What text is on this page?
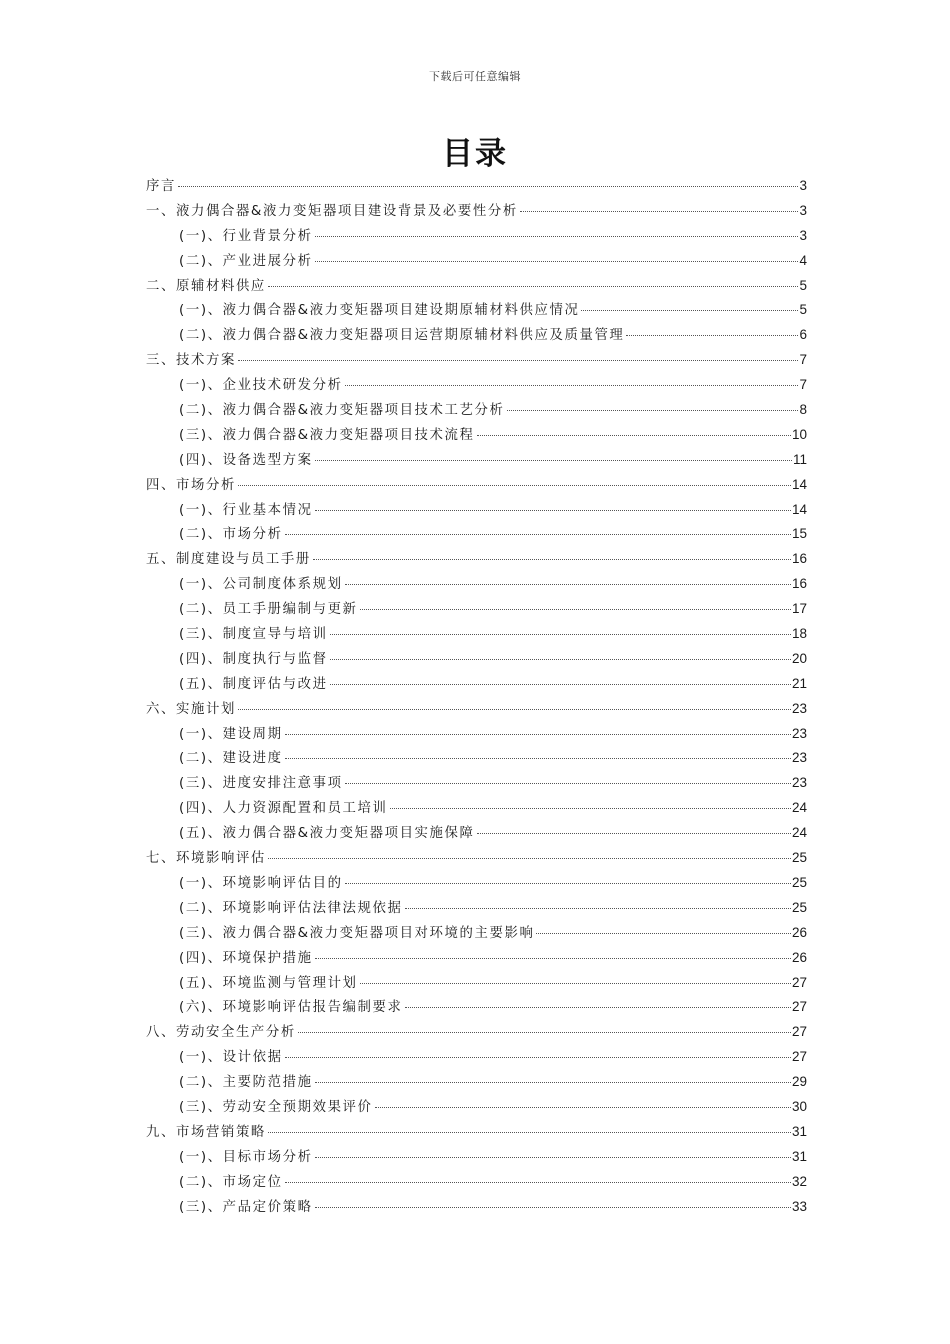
下载后可任意编辑
目录
序言	3
一、液力偶合器&液力变矩器项目建设背景及必要性分析	3
(一)、行业背景分析	3
(二)、产业进展分析	4
二、原辅材料供应	5
(一)、液力偶合器&液力变矩器项目建设期原辅材料供应情况	5
(二)、液力偶合器&液力变矩器项目运营期原辅材料供应及质量管理	6
三、技术方案	7
(一)、企业技术研发分析	7
(二)、液力偶合器&液力变矩器项目技术工艺分析	8
(三)、液力偶合器&液力变矩器项目技术流程	10
(四)、设备选型方案	11
四、市场分析	14
(一)、行业基本情况	14
(二)、市场分析	15
五、制度建设与员工手册	16
(一)、公司制度体系规划	16
(二)、员工手册编制与更新	17
(三)、制度宣导与培训	18
(四)、制度执行与监督	20
(五)、制度评估与改进	21
六、实施计划	23
(一)、建设周期	23
(二)、建设进度	23
(三)、进度安排注意事项	23
(四)、人力资源配置和员工培训	24
(五)、液力偶合器&液力变矩器项目实施保障	24
七、环境影响评估	25
(一)、环境影响评估目的	25
(二)、环境影响评估法律法规依据	25
(三)、液力偶合器&液力变矩器项目对环境的主要影响	26
(四)、环境保护措施	26
(五)、环境监测与管理计划	27
(六)、环境影响评估报告编制要求	27
八、劳动安全生产分析	27
(一)、设计依据	27
(二)、主要防范措施	29
(三)、劳动安全预期效果评价	30
九、市场营销策略	31
(一)、目标市场分析	31
(二)、市场定位	32
(三)、产品定价策略	33
